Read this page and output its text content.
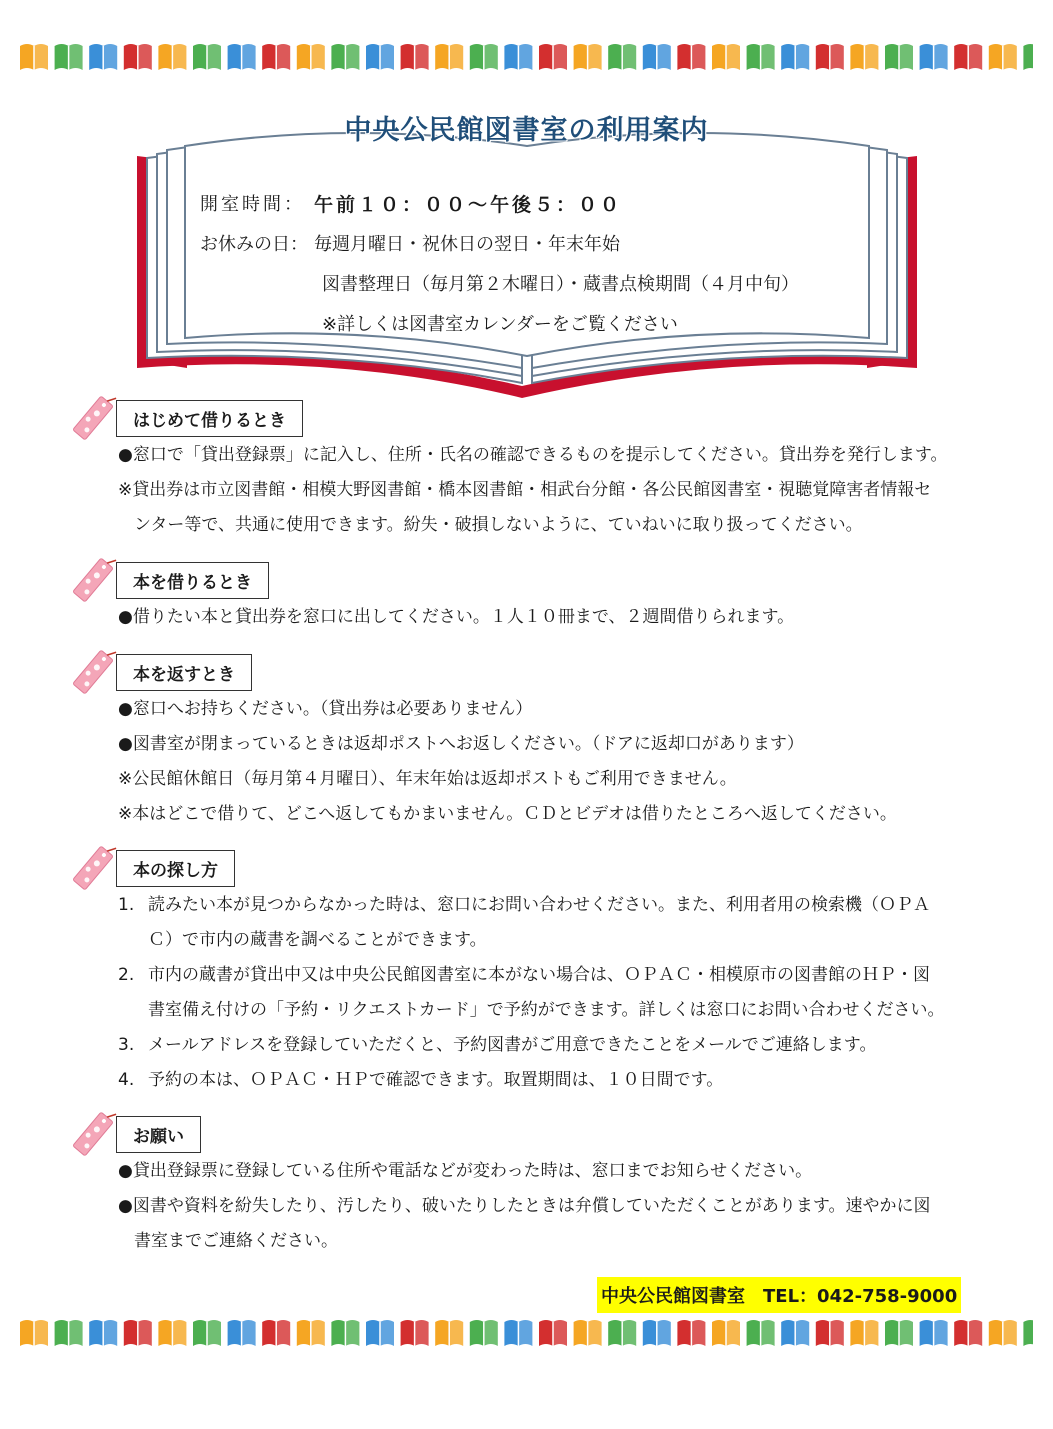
中央公民館図書室の利用案内
開室時間： 午前１０：００～午後５：００
お休みの日： 毎週月曜日・祝休日の翌日・年末年始
図書整理日（毎月第２木曜日）・蔵書点検期間（４月中旬）
※詳しくは図書室カレンダーをご覧ください
はじめて借りるとき
●窓口で「貸出登録票」に記入し、住所・氏名の確認できるものを提示してください。貸出券を発行します。
※貸出券は市立図書館・相模大野図書館・橋本図書館・相武台分館・各公民館図書室・視聴覚障害者情報セ
ンター等で、共通に使用できます。紛失・破損しないように、ていねいに取り扱ってください。
本を借りるとき
●借りたい本と貸出券を窓口に出してください。１人１０冊まで、２週間借りられます。
本を返すとき
●窓口へお持ちください。（貸出券は必要ありません）
●図書室が閉まっているときは返却ポストへお返しください。（ドアに返却口があります）
※公民館休館日（毎月第４月曜日）、年末年始は返却ポストもご利用できません。
※本はどこで借りて、どこへ返してもかまいません。ＣＤとビデオは借りたところへ返してください。
本の探し方
1. 読みたい本が見つからなかった時は、窓口にお問い合わせください。また、利用者用の検索機（ＯＰＡ
Ｃ）で市内の蔵書を調べることができます。
2. 市内の蔵書が貸出中又は中央公民館図書室に本がない場合は、ＯＰＡＣ・相模原市の図書館のＨＰ・図
書室備え付けの「予約・リクエストカード」で予約ができます。詳しくは窓口にお問い合わせください。
3. メールアドレスを登録していただくと、予約図書がご用意できたことをメールでご連絡します。
4. 予約の本は、ＯＰＡＣ・ＨＰで確認できます。取置期間は、１０日間です。
お願い
●貸出登録票に登録している住所や電話などが変わった時は、窓口までお知らせください。
●図書や資料を紛失したり、汚したり、破いたりしたときは弁償していただくことがあります。速やかに図
書室までご連絡ください。
中央公民館図書室　TEL：042-758-9000
